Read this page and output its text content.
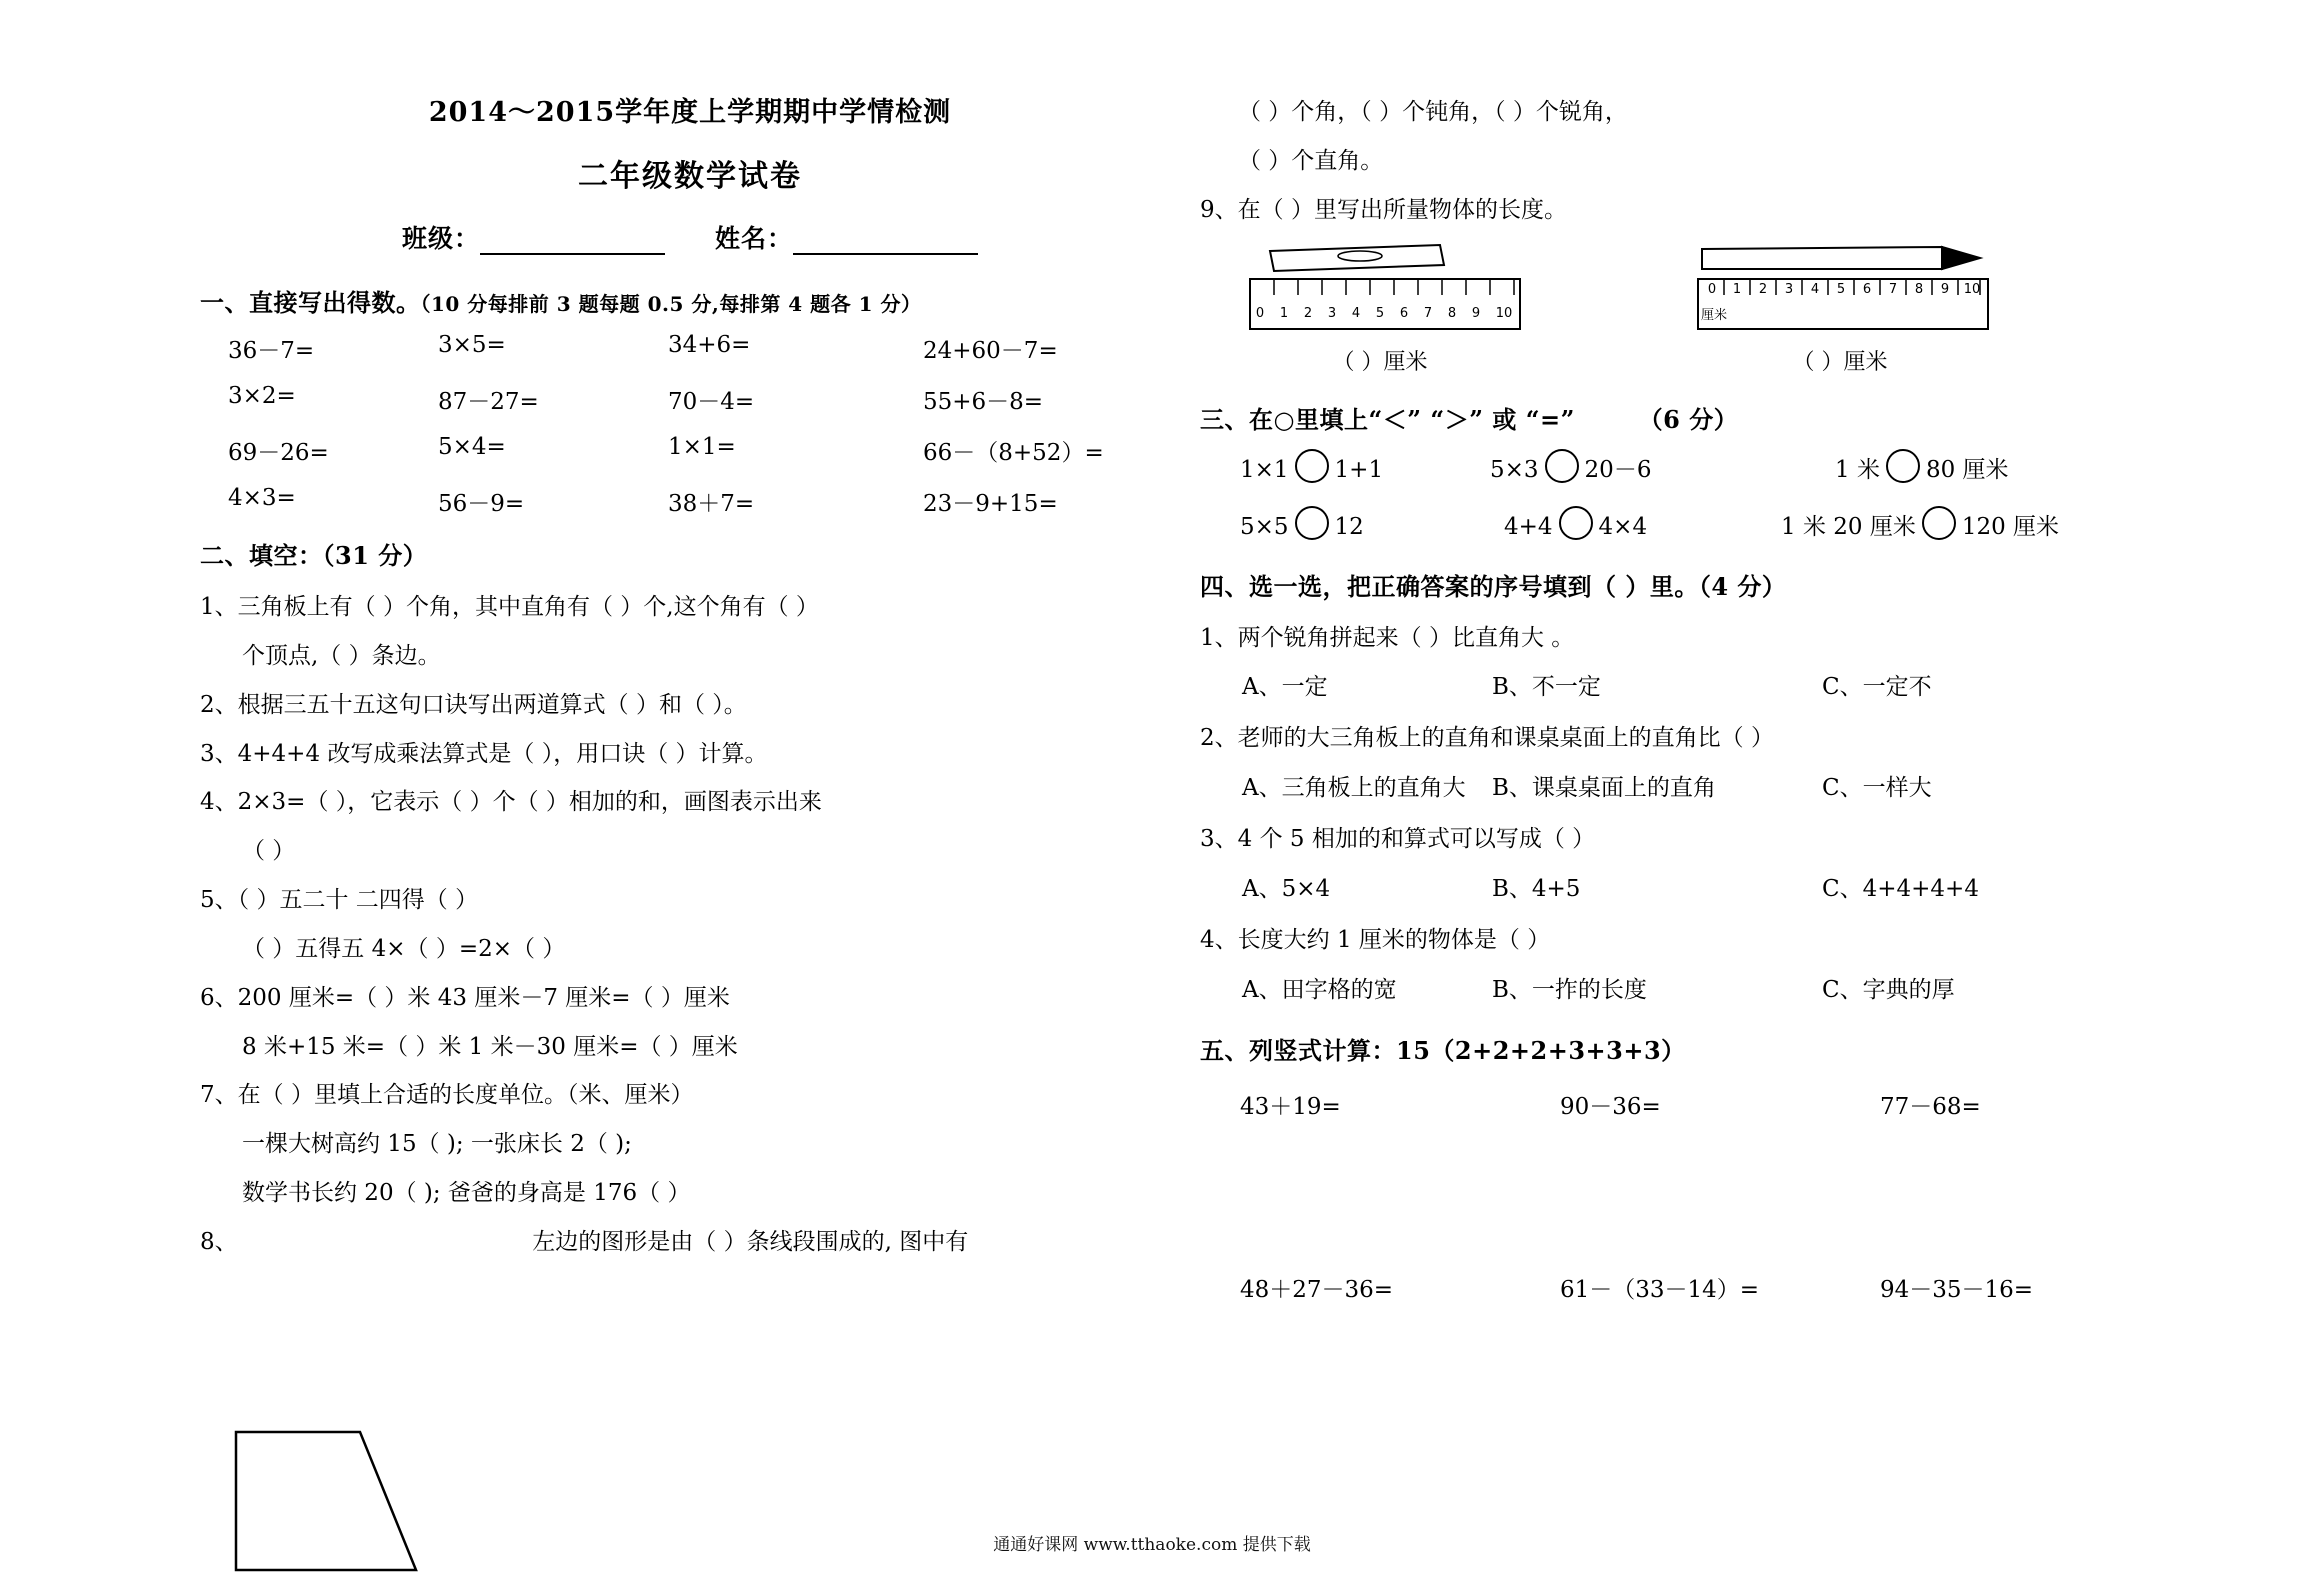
2014～2015学年度上学期期中学情检测
二年级数学试卷
班级：	姓名：
一、直接写出得数。（10 分每排前 3 题每题 0.5 分,每排第 4 题各 1 分）
36－7=	3×5=	34+6=	24+60－7=
3×2=	87－27=	70－4=	55+6－8=
69－26=	5×4=	1×1=	66－（8+52）=
4×3=	56－9=	38＋7=	23－9+15=
二、填空：（31 分）
1、三角板上有（ ）个角，其中直角有（ ）个,这个角有（ ）
个顶点,（ ）条边。
2、根据三五十五这句口诀写出两道算式（ ）和（ ）。
3、4+4+4 改写成乘法算式是（ ），用口诀（ ）计算。
4、2×3=（ ），它表示（ ）个（ ）相加的和，画图表示出来
（ ）
5、（ ）五二十 二四得（ ）
（ ）五得五 4×（ ）=2×（ ）
6、200 厘米=（ ）米 43 厘米－7 厘米=（ ）厘米
8 米+15 米=（ ）米 1 米－30 厘米=（ ）厘米
7、在（ ）里填上合适的长度单位。（米、厘米）
一棵大树高约 15（ ); 一张床长 2（ );
数学书长约 20（ ); 爸爸的身高是 176（ ）
8、	左边的图形是由（ ）条线段围成的, 图中有
（ ）个角，（ ）个钝角，（ ）个锐角，
（ ）个直角。
9、在（ ）里写出所量物体的长度。
0 1 2 3 4 5 6 7 8 9 10
（ ）厘米
0 1 2 3 4 5 6 7 8 9 10
厘米
（ ）厘米
三、在○里填上“＜” “＞” 或 “=”	（6 分）
1×1 1+1	5×3 20－6	1 米 80 厘米
5×5 12	4+4 4×4	1 米 20 厘米 120 厘米
四、选一选，把正确答案的序号填到（ ）里。（4 分）
1、两个锐角拼起来（ ）比直角大 。
A、一定	B、不一定	C、一定不
2、老师的大三角板上的直角和课桌桌面上的直角比（ ）
A、三角板上的直角大	B、课桌桌面上的直角	C、一样大
3、4 个 5 相加的和算式可以写成（ ）
A、5×4	B、4+5	C、4+4+4+4
4、长度大约 1 厘米的物体是（ ）
A、田字格的宽	B、一拃的长度	C、字典的厚
五、列竖式计算：15（2+2+2+3+3+3）
43＋19=	90－36=	77－68=
48＋27－36=	61－（33－14）=	94－35－16=
通通好课网 www.tthaoke.com 提供下载
